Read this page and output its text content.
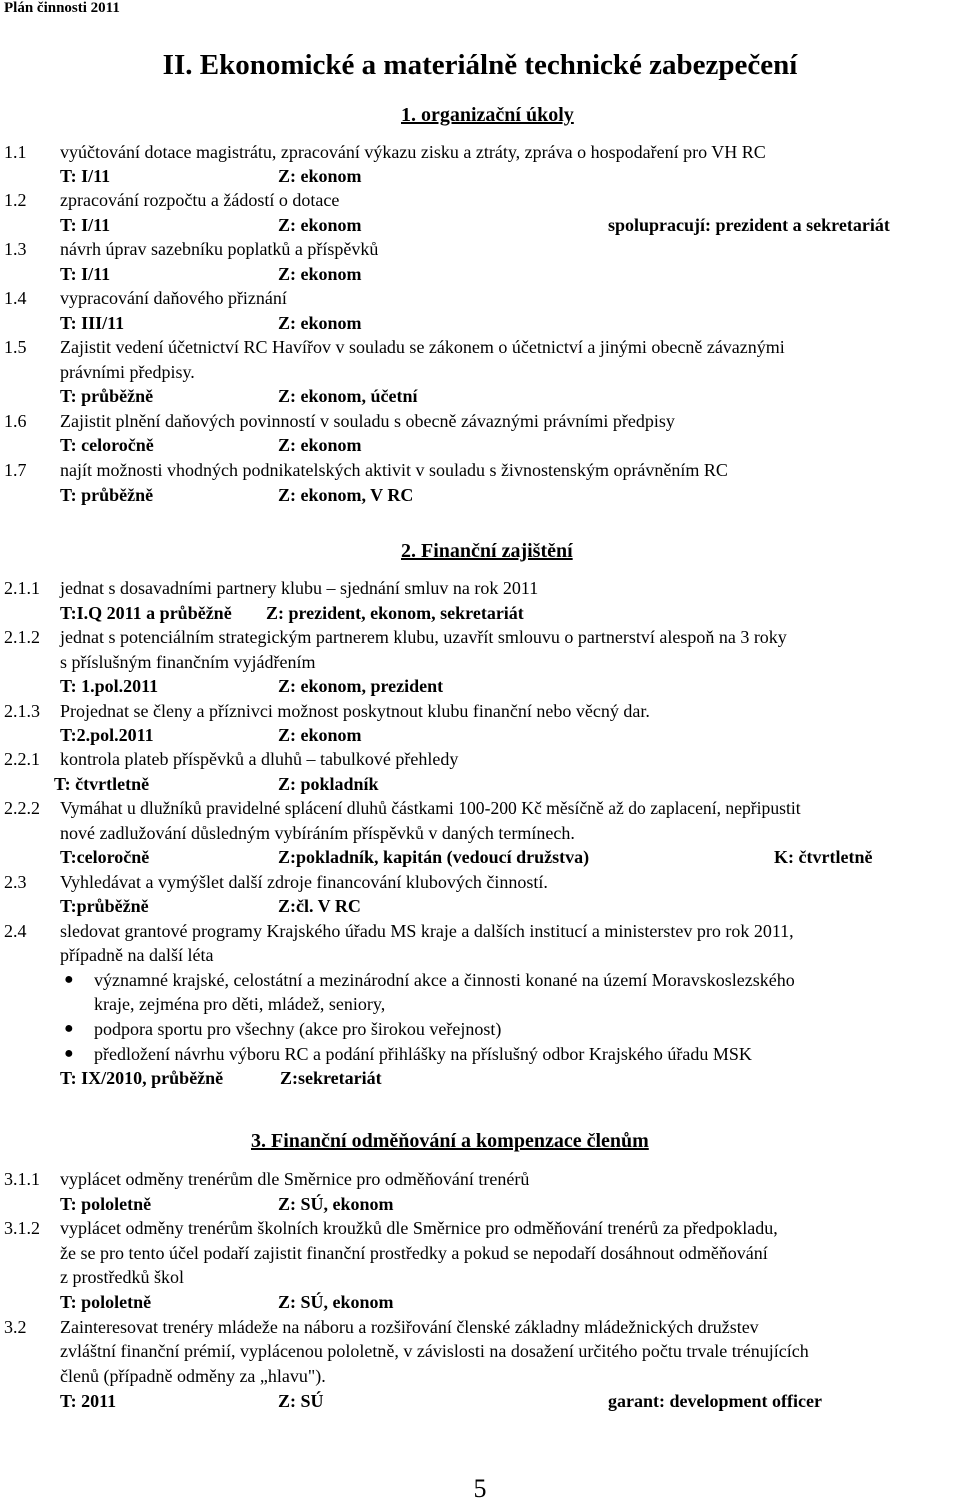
Plán činnosti 2011
II. Ekonomické a materiálně technické zabezpečení
1. organizační úkoly
1.1 vyúčtování dotace magistrátu, zpracování výkazu zisku a ztráty, zpráva o hospodaření pro VH RC
T: I/11	Z: ekonom
1.2 zpracování rozpočtu a žádostí o dotace
T: I/11	Z: ekonom	spolupracují: prezident a sekretariát
1.3 návrh úprav sazebníku poplatků a příspěvků
T: I/11	Z: ekonom
1.4 vypracování daňového přiznání
T: III/11	Z: ekonom
1.5 Zajistit vedení účetnictví RC Havířov v souladu se zákonem o účetnictví a jinými obecně závaznými
právními předpisy.
T: průběžně	Z: ekonom, účetní
1.6 Zajistit plnění daňových povinností v souladu s obecně závaznými právními předpisy
T: celoročně	Z: ekonom
1.7 najít možnosti vhodných podnikatelských aktivit v souladu s živnostenským oprávněním RC
T: průběžně	Z: ekonom, V RC
2. Finanční zajištění
2.1.1 jednat s dosavadními partnery klubu – sjednání smluv na rok 2011
T:I.Q 2011 a průběžně Z: prezident, ekonom, sekretariát
2.1.2 jednat s potenciálním strategickým partnerem klubu, uzavřít smlouvu o partnerství alespoň na 3 roky
s příslušným finančním vyjádřením
T: 1.pol.2011	Z: ekonom, prezident
2.1.3 Projednat se členy a příznivci možnost poskytnout klubu finanční nebo věcný dar.
T:2.pol.2011	Z: ekonom
2.2.1 kontrola plateb příspěvků a dluhů – tabulkové přehledy
T: čtvrtletně	Z: pokladník
2.2.2 Vymáhat u dlužníků pravidelné splácení dluhů částkami 100-200 Kč měsíčně až do zaplacení, nepřipustit
nové zadlužování důsledným vybíráním příspěvků v daných termínech.
T:celoročně	Z:pokladník, kapitán (vedoucí družstva)	K: čtvrtletně
2.3 Vyhledávat a vymýšlet další zdroje financování klubových činností.
T:průběžně	Z:čl. V RC
2.4 sledovat grantové programy Krajského úřadu MS kraje a dalších institucí a ministerstev pro rok 2011,
případně na další léta
● významné krajské, celostátní a mezinárodní akce a činnosti konané na území Moravskoslezského
kraje, zejména pro děti, mládež, seniory,
● podpora sportu pro všechny (akce pro širokou veřejnost)
● předložení návrhu výboru RC a podání přihlášky na příslušný odbor Krajského úřadu MSK
T: IX/2010, průběžně	Z:sekretariát
3. Finanční odměňování a kompenzace členům
3.1.1 vyplácet odměny trenérům dle Směrnice pro odměňování trenérů
T: pololetně	Z: SÚ, ekonom
3.1.2 vyplácet odměny trenérům školních kroužků dle Směrnice pro odměňování trenérů za předpokladu,
že se pro tento účel podaří zajistit finanční prostředky a pokud se nepodaří dosáhnout odměňování
z prostředků škol
T: pololetně	Z: SÚ, ekonom
3.2 Zainteresovat trenéry mládeže na náboru a rozšiřování členské základny mládežnických družstev
zvláštní finanční prémií, vyplácenou pololetně, v závislosti na dosažení určitého počtu trvale trénujících
členů (případně odměny za „hlavu").
T: 2011	Z: SÚ	garant: development officer
5
